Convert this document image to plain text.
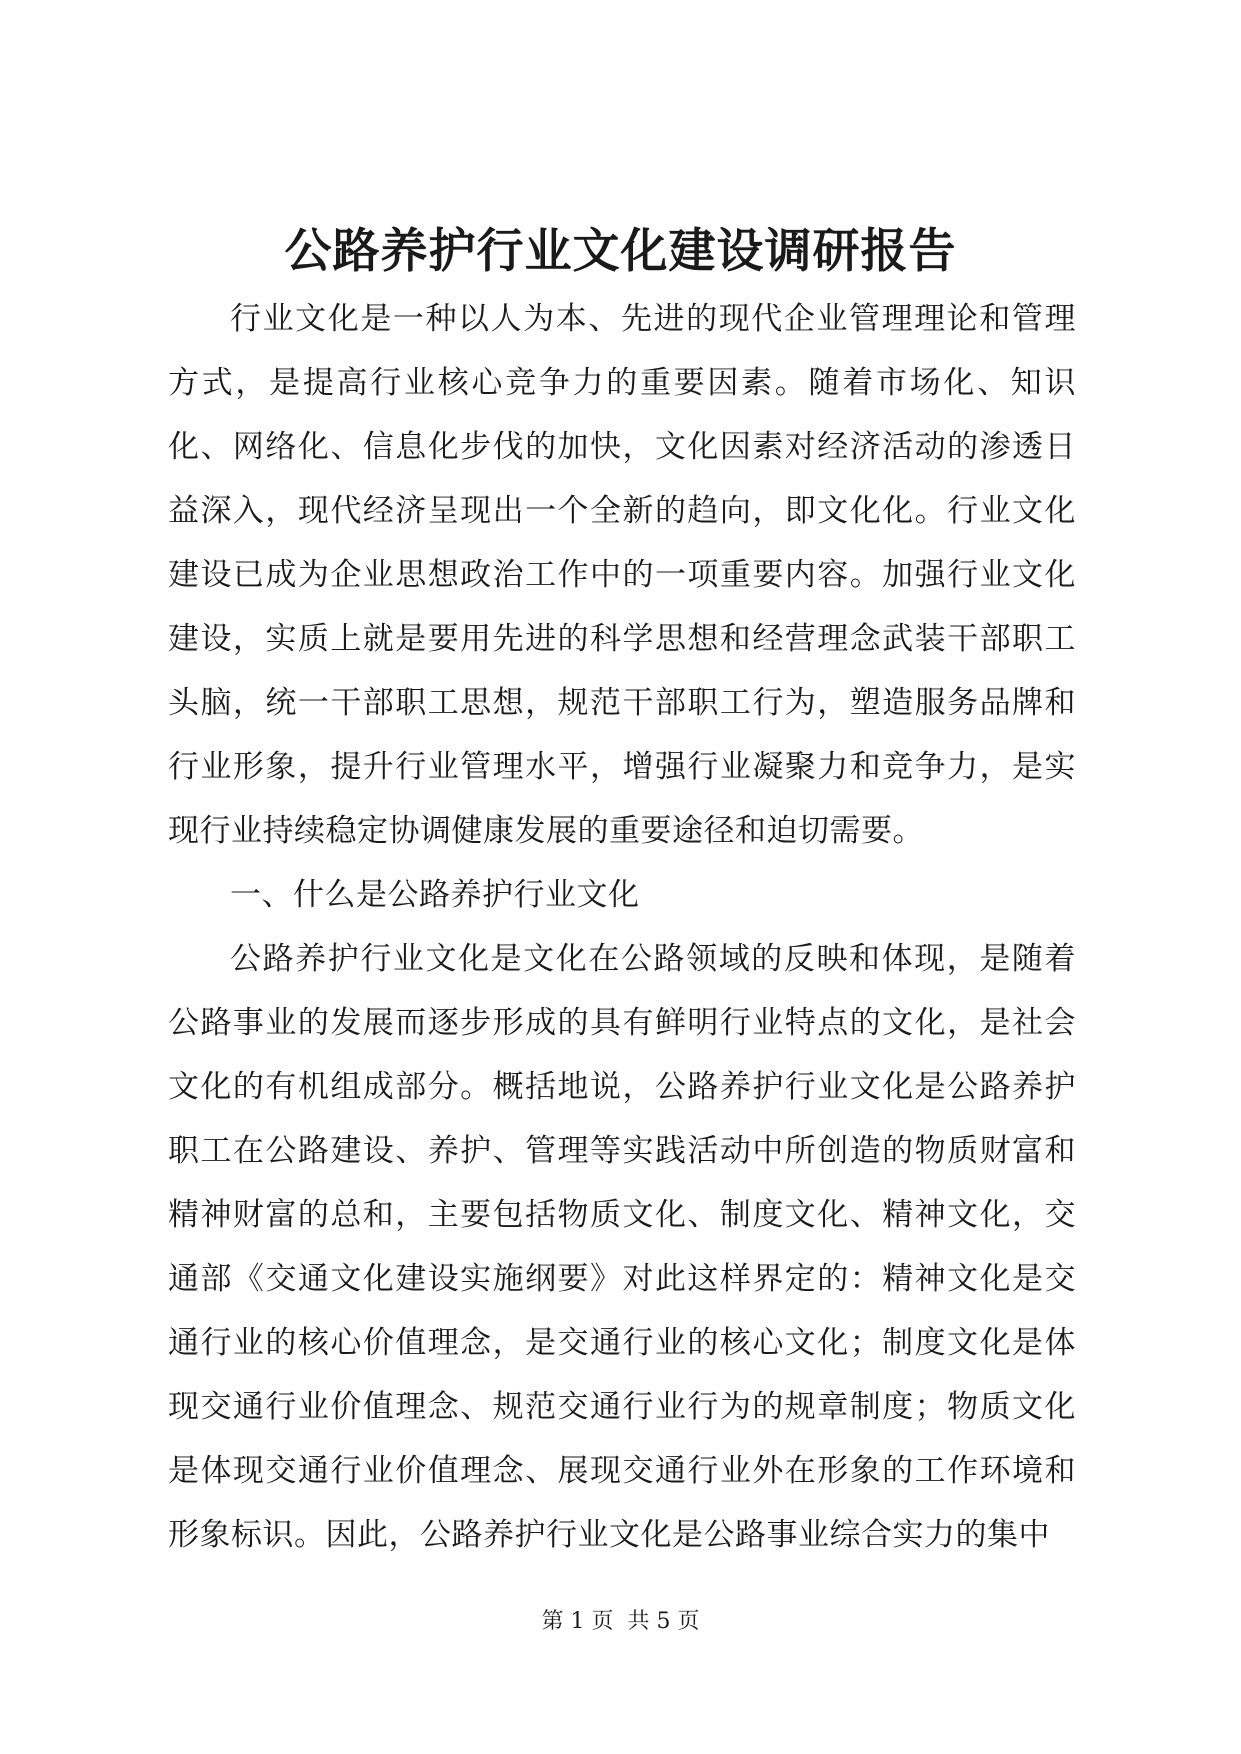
公路养护行业文化建设调研报告

行业文化是一种以人为本、先进的现代企业管理理论和管理方式，是提高行业核心竞争力的重要因素。随着市场化、知识化、网络化、信息化步伐的加快，文化因素对经济活动的渗透日益深入，现代经济呈现出一个全新的趋向，即文化化。行业文化建设已成为企业思想政治工作中的一项重要内容。加强行业文化建设，实质上就是要用先进的科学思想和经营理念武装干部职工头脑，统一干部职工思想，规范干部职工行为，塑造服务品牌和行业形象，提升行业管理水平，增强行业凝聚力和竞争力，是实现行业持续稳定协调健康发展的重要途径和迫切需要。

一、什么是公路养护行业文化

公路养护行业文化是文化在公路领域的反映和体现，是随着公路事业的发展而逐步形成的具有鲜明行业特点的文化，是社会文化的有机组成部分。概括地说，公路养护行业文化是公路养护职工在公路建设、养护、管理等实践活动中所创造的物质财富和精神财富的总和，主要包括物质文化、制度文化、精神文化，交通部《交通文化建设实施纲要》对此这样界定的：精神文化是交通行业的核心价值理念，是交通行业的核心文化；制度文化是体现交通行业价值理念、规范交通行业行为的规章制度；物质文化是体现交通行业价值理念、展现交通行业外在形象的工作环境和形象标识。因此，公路养护行业文化是公路事业综合实力的集中

第 1 页  共 5 页
